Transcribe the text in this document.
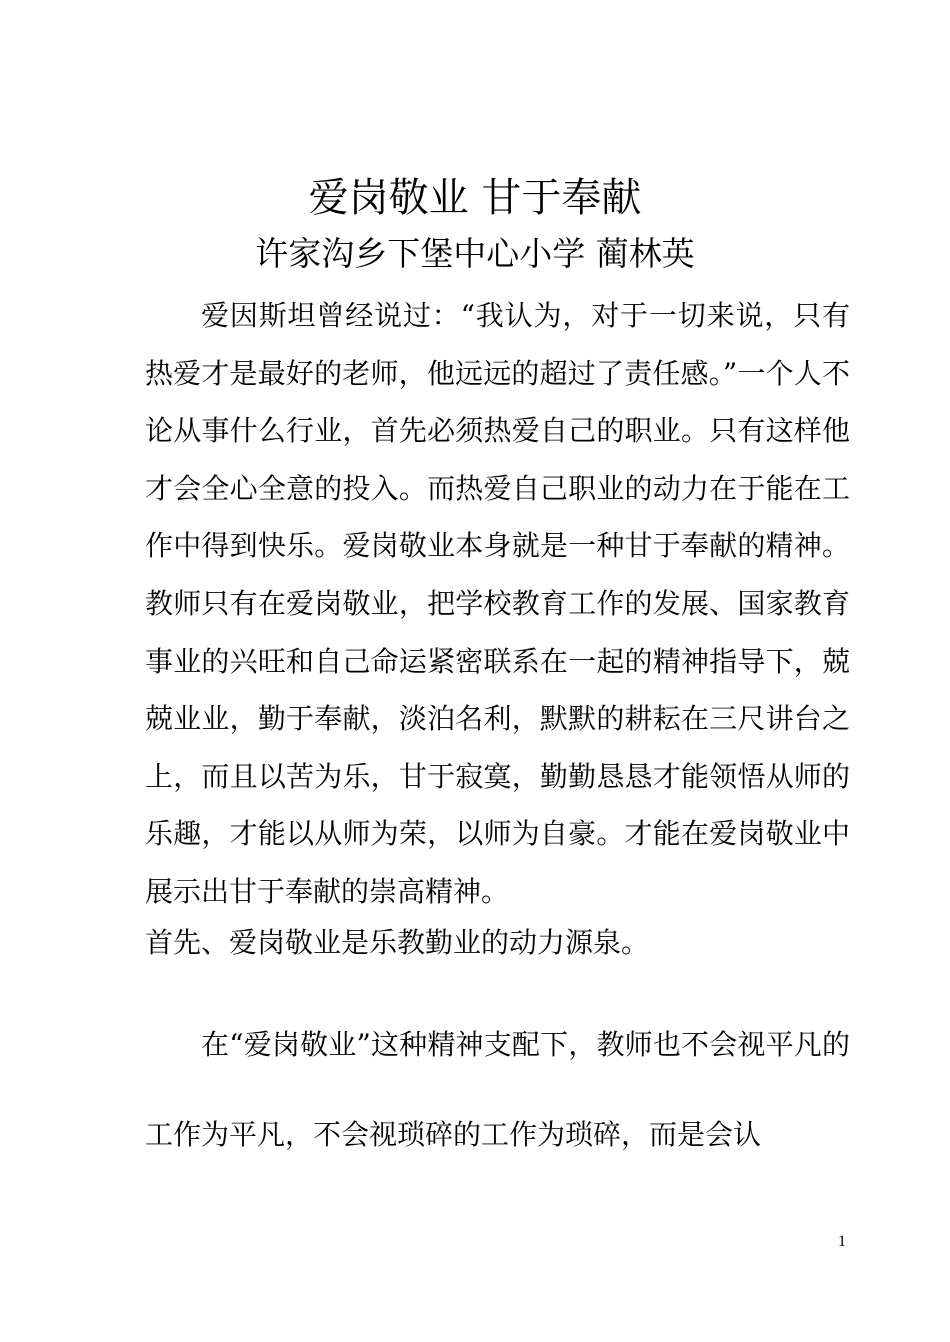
爱岗敬业 甘于奉献
许家沟乡下堡中心小学 蔺林英
爱因斯坦曾经说过：“我认为，对于一切来说，只有热爱才是最好的老师，他远远的超过了责任感。”一个人不论从事什么行业，首先必须热爱自己的职业。只有这样他才会全心全意的投入。而热爱自己职业的动力在于能在工作中得到快乐。爱岗敬业本身就是一种甘于奉献的精神。教师只有在爱岗敬业，把学校教育工作的发展、国家教育事业的兴旺和自己命运紧密联系在一起的精神指导下，兢兢业业，勤于奉献，淡泊名利，默默的耕耘在三尺讲台之上，而且以苦为乐，甘于寂寞，勤勤恳恳才能领悟从师的乐趣，才能以从师为荣，以师为自豪。才能在爱岗敬业中展示出甘于奉献的崇高精神。
首先、爱岗敬业是乐教勤业的动力源泉。
在“爱岗敬业”这种精神支配下，教师也不会视平凡的工作为平凡，不会视琐碎的工作为琐碎，而是会认
1
